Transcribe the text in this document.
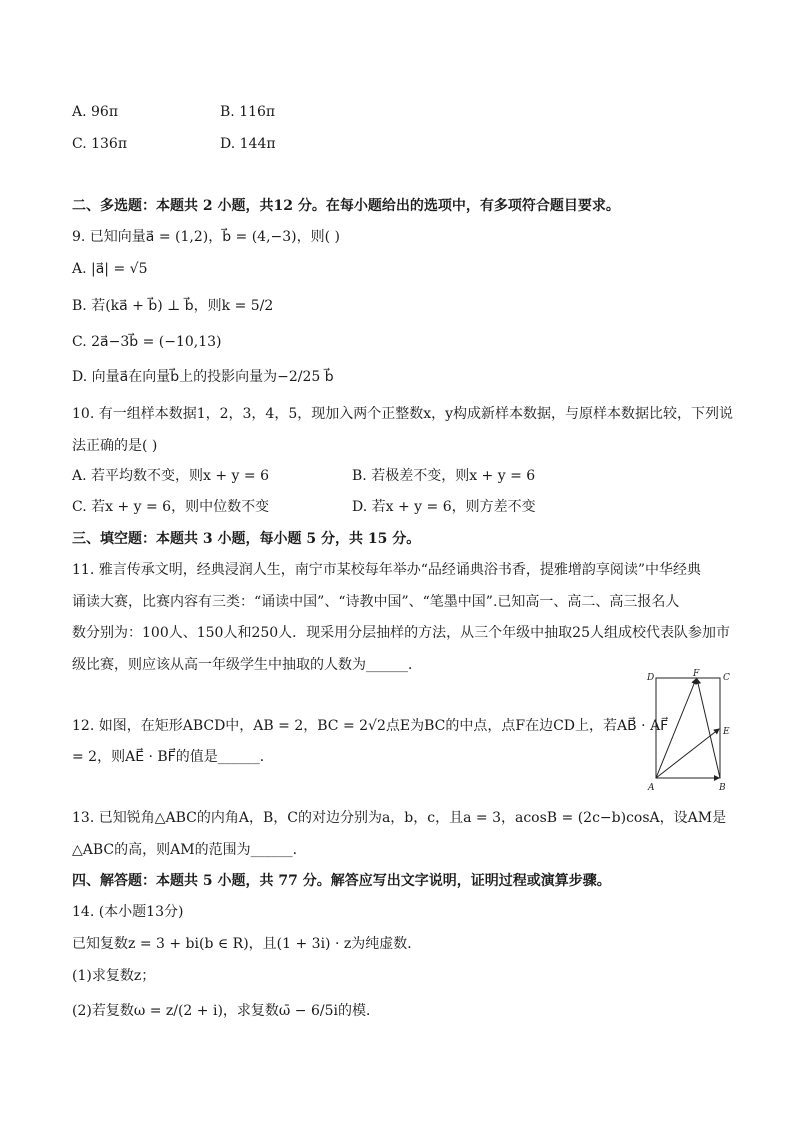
A. 96π	B. 116π
C. 136π	D. 144π
二、多选题：本题共 2 小题，共12 分。在每小题给出的选项中，有多项符合题目要求。
9. 已知向量a⃗ = (1,2)，b⃗ = (4,−3)，则( )
A. |a⃗| = √5
B. 若(ka⃗ + b⃗) ⊥ b⃗，则k = 5/2
C. 2a⃗−3b⃗ = (−10,13)
D. 向量a⃗在向量b⃗上的投影向量为−2/25 b⃗
10. 有一组样本数据1，2，3，4，5，现加入两个正整数x，y构成新样本数据，与原样本数据比较，下列说
法正确的是( )
A. 若平均数不变，则x + y = 6	B. 若极差不变，则x + y = 6
C. 若x + y = 6，则中位数不变	D. 若x + y = 6，则方差不变
三、填空题：本题共 3 小题，每小题 5 分，共 15 分。
11. 雅言传承文明，经典浸润人生，南宁市某校每年举办“品经诵典浴书香，提雅增韵享阅读”中华经典
诵读大赛，比赛内容有三类：“诵读中国”、“诗教中国”、“笔墨中国”.已知高一、高二、高三报名人
数分别为：100人、150人和250人．现采用分层抽样的方法，从三个年级中抽取25人组成校代表队参加市
级比赛，则应该从高一年级学生中抽取的人数为______．
12. 如图，在矩形ABCD中，AB = 2，BC = 2√2点E为BC的中点，点F在边CD上，若AB⃗ · AF⃗
= 2，则AE⃗ · BF⃗的值是______．
D	F	C
E
A	B
13. 已知锐角△ABC的内角A，B，C的对边分别为a，b，c，且a = 3，acosB = (2c−b)cosA，设AM是
△ABC的高，则AM的范围为______．
四、解答题：本题共 5 小题，共 77 分。解答应写出文字说明，证明过程或演算步骤。
14. (本小题13分)
已知复数z = 3 + bi(b ∈ R)，且(1 + 3i) · z为纯虚数．
(1)求复数z；
(2)若复数ω = z/(2 + i)，求复数ω̄ − 6/5i的模．
